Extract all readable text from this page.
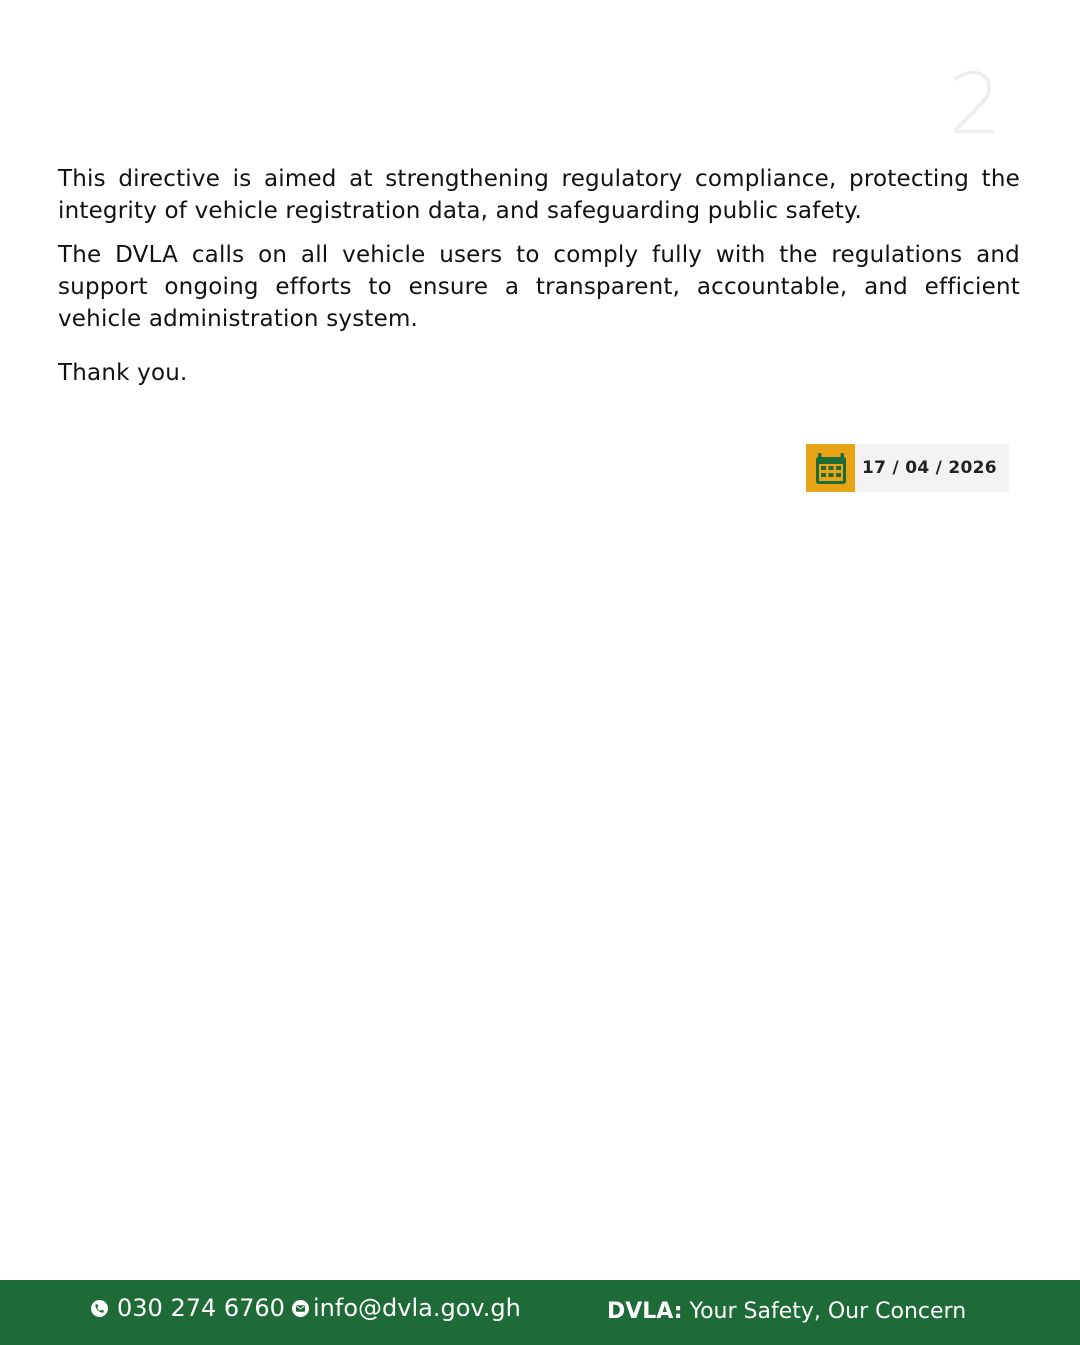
2

This directive is aimed at strengthening regulatory compliance, protecting the integrity of vehicle registration data, and safeguarding public safety.

The DVLA calls on all vehicle users to comply fully with the regulations and support ongoing efforts to ensure a transparent, accountable, and efficient vehicle administration system.

Thank you.

17 / 04 / 2026
030 274 6760 info@dvla.gov.gh	DVLA: Your Safety, Our Concern
